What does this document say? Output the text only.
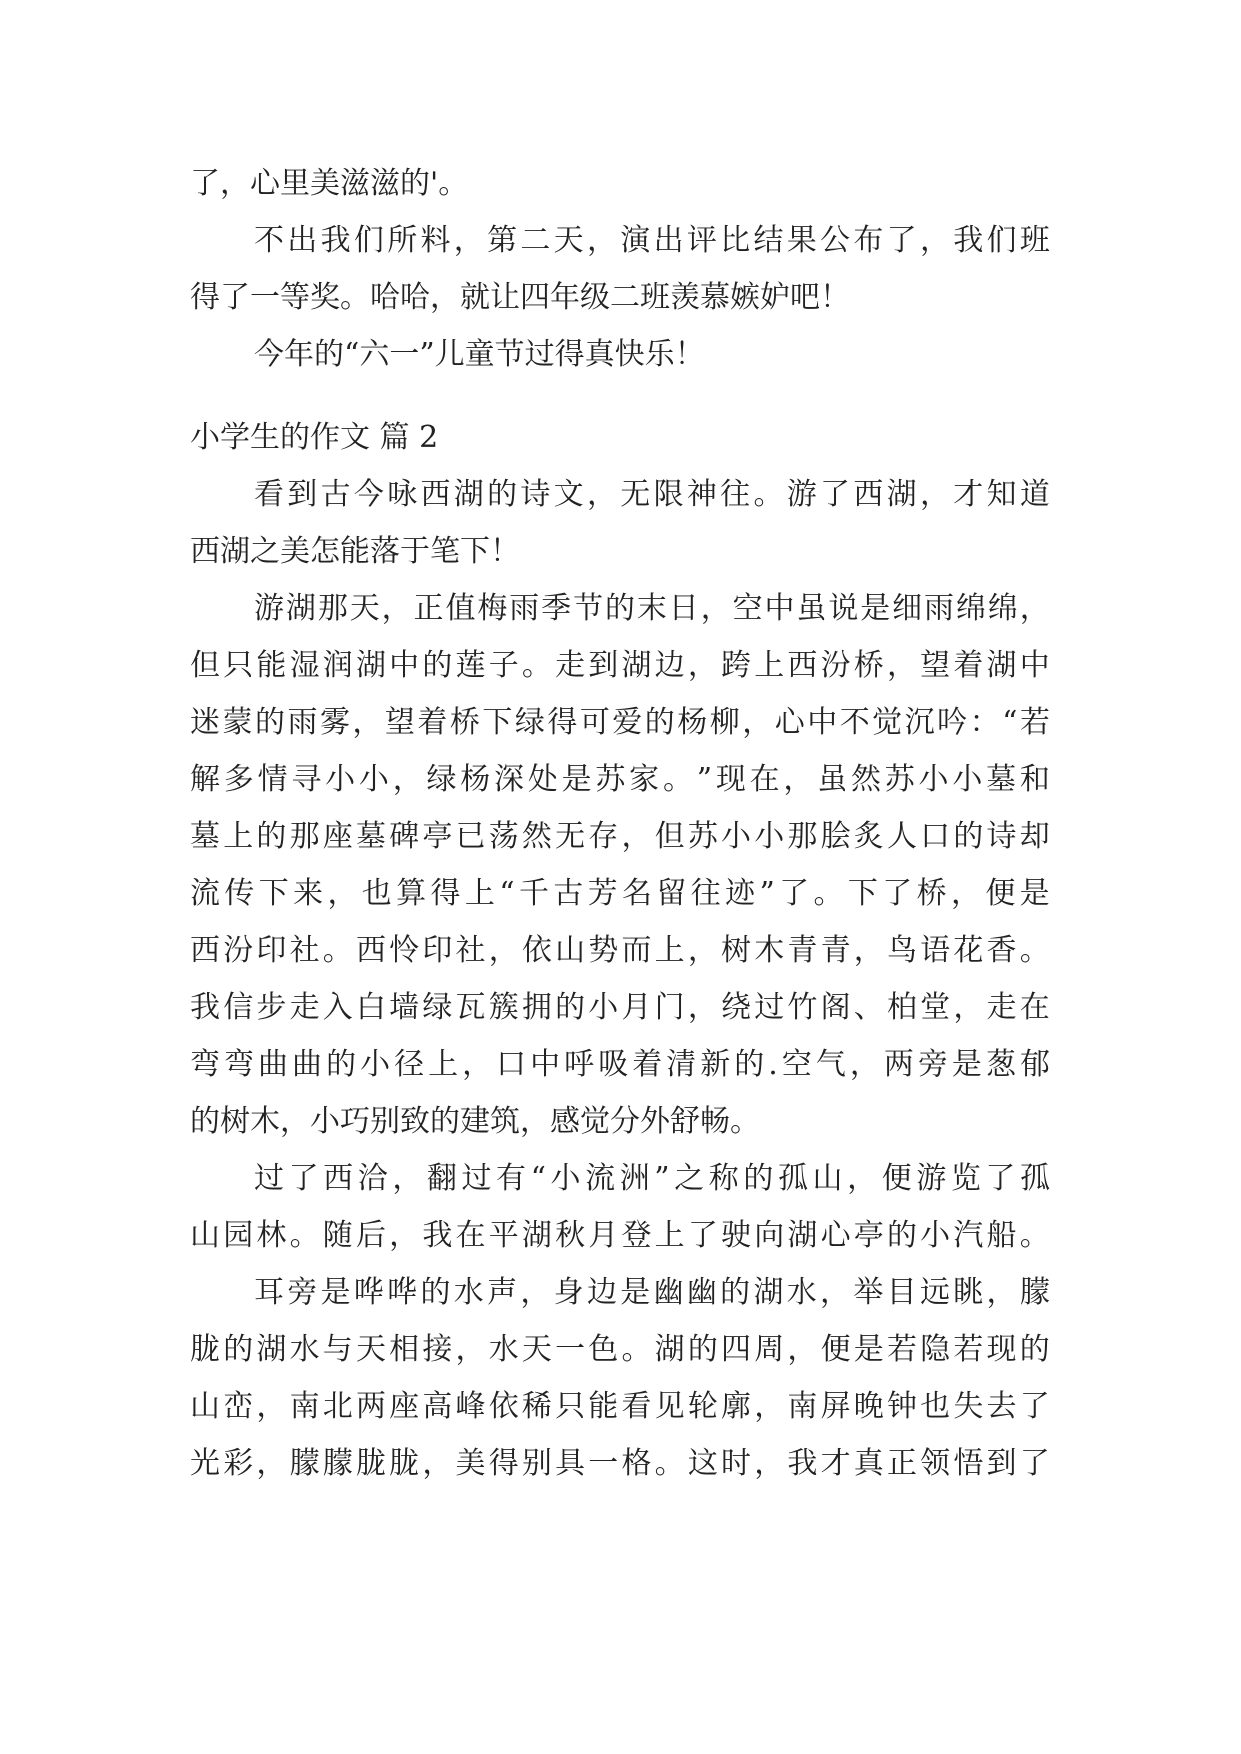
了，心里美滋滋的'。
不 出 我 们 所 料 ， 第 二 天 ， 演 出 评 比 结 果 公 布 了 ， 我 们 班
得了一等奖。哈哈，就让四年级二班羡慕嫉妒吧！
今年的“六一”儿童节过得真快乐！
小学生的作文 篇 2
看 到 古 今 咏 西 湖 的 诗 文 ， 无 限 神 往 。 游 了 西 湖 ， 才 知 道
西湖之美怎能落于笔下！
游 湖 那 天 ， 正 值 梅 雨 季 节 的 末 日 ， 空 中 虽 说 是 细 雨 绵 绵 ，
但 只 能 湿 润 湖 中 的 莲 子 。 走 到 湖 边 ， 跨 上 西 汾 桥 ， 望 着 湖 中
迷 蒙 的 雨 雾 ， 望 着 桥 下 绿 得 可 爱 的 杨 柳 ， 心 中 不 觉 沉 吟 ： “ 若
解 多 情 寻 小 小 ， 绿 杨 深 处 是 苏 家 。 ” 现 在 ， 虽 然 苏 小 小 墓 和
墓 上 的 那 座 墓 碑 亭 已 荡 然 无 存 ， 但 苏 小 小 那 脍 炙 人 口 的 诗 却
流 传 下 来 ， 也 算 得 上 “ 千 古 芳 名 留 往 迹 ” 了 。 下 了 桥 ， 便 是
西 汾 印 社 。 西 怜 印 社 ， 依 山 势 而 上 ， 树 木 青 青 ， 鸟 语 花 香 。
我 信 步 走 入 白 墙 绿 瓦 簇 拥 的 小 月 门 ， 绕 过 竹 阁 、 柏 堂 ， 走 在
弯 弯 曲 曲 的 小 径 上 ， 口 中 呼 吸 着 清 新 的 . 空 气 ， 两 旁 是 葱 郁
的树木，小巧别致的建筑，感觉分外舒畅。
过 了 西 洽 ， 翻 过 有 “ 小 流 洲 ” 之 称 的 孤 山 ， 便 游 览 了 孤
山 园 林 。 随 后 ， 我 在 平 湖 秋 月 登 上 了 驶 向 湖 心 亭 的 小 汽 船 。
耳 旁 是 哗 哗 的 水 声 ， 身 边 是 幽 幽 的 湖 水 ， 举 目 远 眺 ， 朦
胧 的 湖 水 与 天 相 接 ， 水 天 一 色 。 湖 的 四 周 ， 便 是 若 隐 若 现 的
山 峦 ， 南 北 两 座 高 峰 依 稀 只 能 看 见 轮 廓 ， 南 屏 晚 钟 也 失 去 了
光 彩 ， 朦 朦 胧 胧 ， 美 得 别 具 一 格 。 这 时 ， 我 才 真 正 领 悟 到 了
